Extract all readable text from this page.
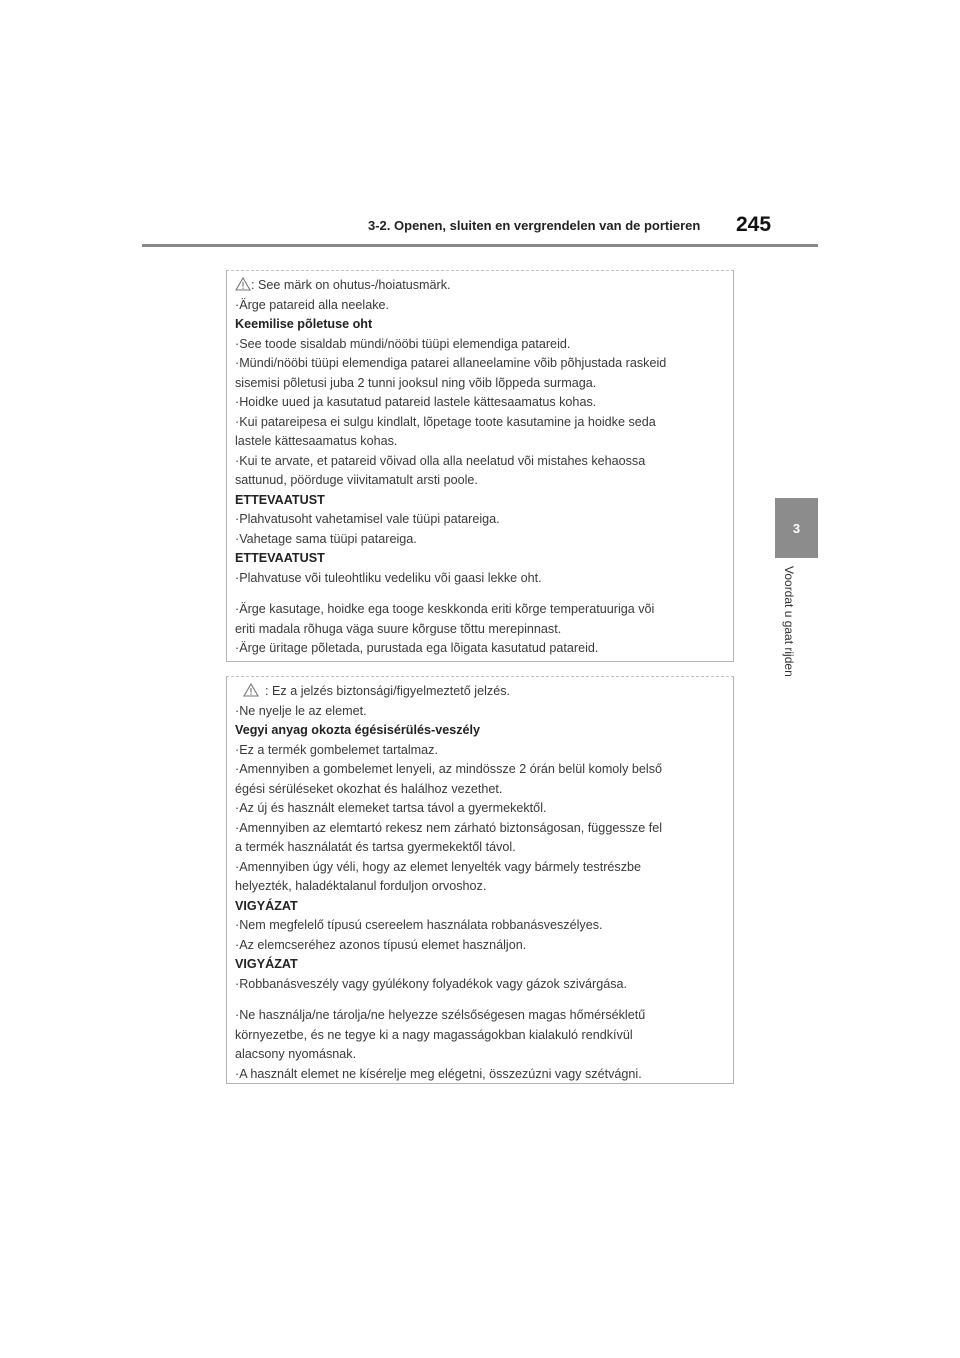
3-2. Openen, sluiten en vergrendelen van de portieren 245
3
Voordat u gaat rijden
: See märk on ohutus-/hoiatusmärk.
·Ärge patareid alla neelake.
Keemilise põletuse oht
·See toode sisaldab mündi/nööbi tüüpi elemendiga patareid.
·Mündi/nööbi tüüpi elemendiga patarei allaneelamine võib põhjustada raskeid
sisemisi põletusi juba 2 tunni jooksul ning võib lõppeda surmaga.
·Hoidke uued ja kasutatud patareid lastele kättesaamatus kohas.
·Kui patareipesa ei sulgu kindlalt, lõpetage toote kasutamine ja hoidke seda
lastele kättesaamatus kohas.
·Kui te arvate, et patareid võivad olla alla neelatud või mistahes kehaossa
sattunud, pöörduge viivitamatult arsti poole.
ETTEVAATUST
·Plahvatusoht vahetamisel vale tüüpi patareiga.
·Vahetage sama tüüpi patareiga.
ETTEVAATUST
·Plahvatuse või tuleohtliku vedeliku või gaasi lekke oht.
·Ärge kasutage, hoidke ega tooge keskkonda eriti kõrge temperatuuriga või
eriti madala rõhuga väga suure kõrguse tõttu merepinnast.
·Ärge üritage põletada, purustada ega lõigata kasutatud patareid.
: Ez a jelzés biztonsági/figyelmeztető jelzés.
·Ne nyelje le az elemet.
Vegyi anyag okozta égésisérülés-veszély
·Ez a termék gombelemet tartalmaz.
·Amennyiben a gombelemet lenyeli, az mindössze 2 órán belül komoly belső
égési sérüléseket okozhat és halálhoz vezethet.
·Az új és használt elemeket tartsa távol a gyermekektől.
·Amennyiben az elemtartó rekesz nem zárható biztonságosan, függessze fel
a termék használatát és tartsa gyermekektől távol.
·Amennyiben úgy véli, hogy az elemet lenyelték vagy bármely testrészbe
helyezték, haladéktalanul forduljon orvoshoz.
VIGYÁZAT
·Nem megfelelő típusú csereelem használata robbanásveszélyes.
·Az elemcseréhez azonos típusú elemet használjon.
VIGYÁZAT
·Robbanásveszély vagy gyúlékony folyadékok vagy gázok szivárgása.
·Ne használja/ne tárolja/ne helyezze szélsőségesen magas hőmérsékletű
környezetbe, és ne tegye ki a nagy magasságokban kialakuló rendkívül
alacsony nyomásnak.
·A használt elemet ne kísérelje meg elégetni, összezúzni vagy szétvágni.
